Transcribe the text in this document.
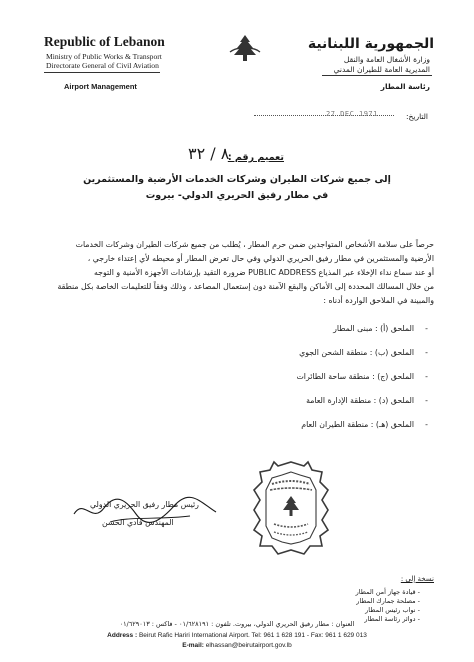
Republic of Lebanon
Ministry of Public Works & Transport
Directorate General of Civil Aviation
Airport Management
الجمهورية اللبنانية
وزارة الأشغال العامة والنقل
المديرية العامة للطيران المدني
رئاسة المطار
التاريخ:
27 DEC 1971
تعميم رقم :
٨ / ٣٢
إلى جميع شركات الطيران وشركات الخدمات الأرضية والمستثمرين
في مطار رفيق الحريري الدولي- بيروت
حرصاً على سلامة الأشخاص المتواجدين ضمن حرم المطار ، يُطلب من جميع شركات الطيران وشركات الخدمات
الأرضية والمستثمرين في مطار رفيق الحريري الدولي وفي حال تعرض المطار أو محيطه لأي إعتداء خارجي ،
أو عند سماع نداء الإخلاء عبر المذياع PUBLIC ADDRESS ضرورة التقيد بإرشادات الأجهزة الأمنية و التوجه
من خلال المسالك المحددة إلى الأماكن والبقع الآمنة دون إستعمال المصاعد ، وذلك وفقاً للتعليمات الخاصة بكل منطقة
والمبينة في الملاحق الواردة أدناه :
-الملحق (أ) : مبنى المطار
-الملحق (ب) : منطقة الشحن الجوي
-الملحق (ج) : منطقة ساحة الطائرات
-الملحق (د) : منطقة الإدارة العامة
-الملحق (هـ) : منطقة الطيران العام
رئيس مطار رفيق الحريري الدولي
المهندس فادي الحسن
نسخة إلى :
- قيادة جهاز أمن المطار
- مصلحة جمارك المطار
- نواب رئيس المطار
- دوائر رئاسة المطار
العنوان : مطار رفيق الحريري الدولي، بيروت. تلفون : ٠١/٦٢٨١٩١ - فاكس : ٠١/٦٢٩٠١٣
Address : Beirut Rafic Hariri International Airport. Tel: 961 1 628 191 - Fax: 961 1 629 013
E-mail: elhassan@beirutairport.gov.lb
